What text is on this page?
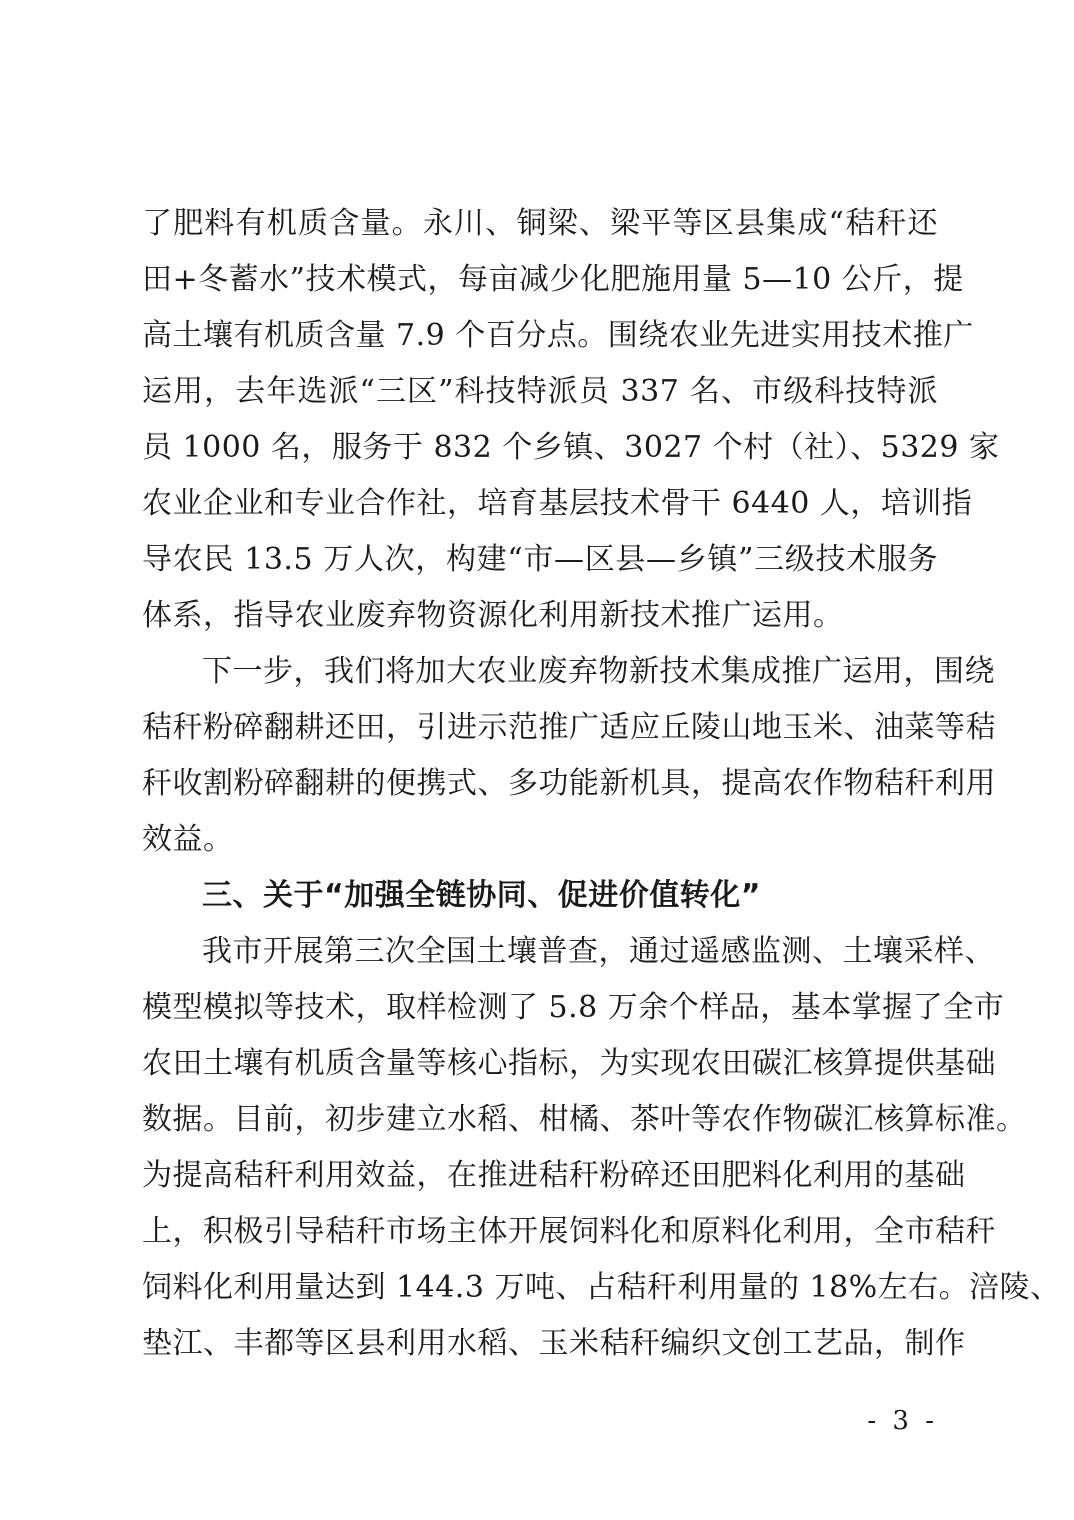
了肥料有机质含量。永川、铜梁、梁平等区县集成“秸秆还
田+冬蓄水”技术模式，每亩减少化肥施用量 5—10 公斤，提
高土壤有机质含量 7.9 个百分点。围绕农业先进实用技术推广
运用，去年选派“三区”科技特派员 337 名、市级科技特派
员 1000 名，服务于 832 个乡镇、3027 个村（社）、5329 家
农业企业和专业合作社，培育基层技术骨干 6440 人，培训指
导农民 13.5 万人次，构建“市—区县—乡镇”三级技术服务
体系，指导农业废弃物资源化利用新技术推广运用。
下一步，我们将加大农业废弃物新技术集成推广运用，围绕
秸秆粉碎翻耕还田，引进示范推广适应丘陵山地玉米、油菜等秸
秆收割粉碎翻耕的便携式、多功能新机具，提高农作物秸秆利用
效益。
三、关于“加强全链协同、促进价值转化”
我市开展第三次全国土壤普查，通过遥感监测、土壤采样、
模型模拟等技术，取样检测了 5.8 万余个样品，基本掌握了全市
农田土壤有机质含量等核心指标，为实现农田碳汇核算提供基础
数据。目前，初步建立水稻、柑橘、茶叶等农作物碳汇核算标准。
为提高秸秆利用效益，在推进秸秆粉碎还田肥料化利用的基础
上，积极引导秸秆市场主体开展饲料化和原料化利用，全市秸秆
饲料化利用量达到 144.3 万吨、占秸秆利用量的 18%左右。涪陵、
垫江、丰都等区县利用水稻、玉米秸秆编织文创工艺品，制作
- 3 -
